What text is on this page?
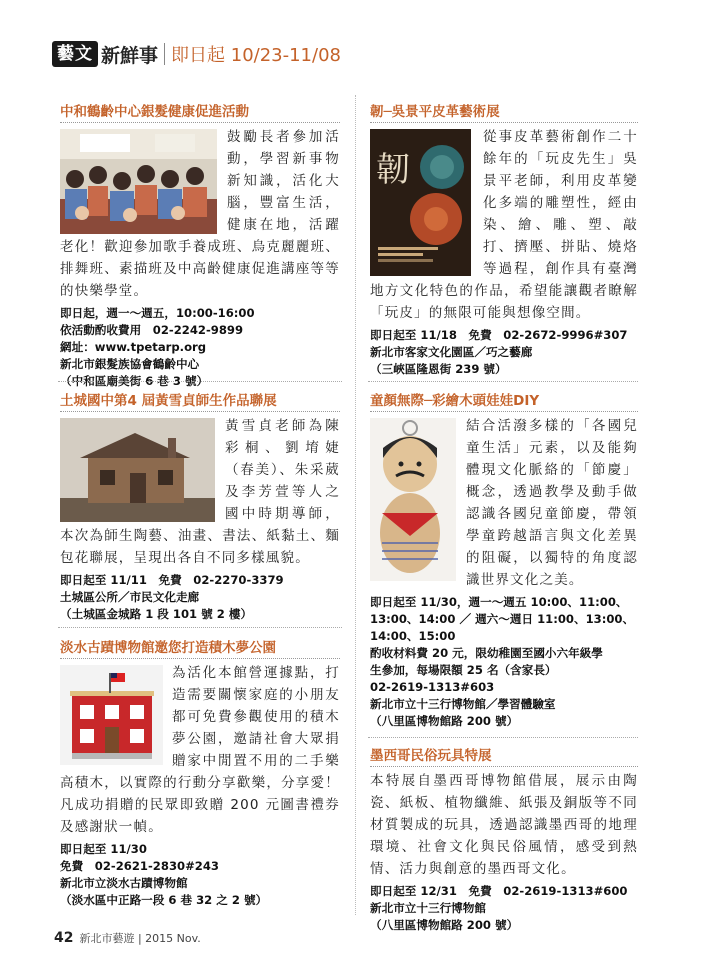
藝文 新鮮事 即日起 10/23-11/08
中和鶴齡中心銀髮健康促進活動
鼓勵長者參加活動，學習新事物新知識，活化大腦，豐富生活，健康在地，活躍老化！歡迎參加歌手養成班、烏克麗麗班、排舞班、素描班及中高齡健康促進講座等等的快樂學堂。
即日起，週一～週五，10:00-16:00
依活動酌收費用　02-2242-9899
網址：www.tpetarp.org
新北市銀髮族協會鶴齡中心
（中和區廟美街 6 巷 3 號）
土城國中第4 屆黃雪貞師生作品聯展
黃雪貞老師為陳彩桐、劉堉婕（春美）、朱采葳及李芳萱等人之國中時期導師，本次為師生陶藝、油畫、書法、紙黏土、麵包花聯展，呈現出各自不同多樣風貌。
即日起至 11/11　免費　02-2270-3379
土城區公所／市民文化走廊
（土城區金城路 1 段 101 號 2 樓）
淡水古蹟博物館邀您打造積木夢公園
為活化本館營運據點，打造需要關懷家庭的小朋友都可免費參觀使用的積木夢公園，邀請社會大眾捐贈家中閒置不用的二手樂高積木，以實際的行動分享歡樂，分享愛！凡成功捐贈的民眾即致贈 200 元圖書禮券及感謝狀一幀。
即日起至 11/30
免費　02-2621-2830#243
新北市立淡水古蹟博物館
（淡水區中正路一段 6 巷 32 之 2 號）
韌─吳景平皮革藝術展
韌
從事皮革藝術創作二十餘年的「玩皮先生」吳景平老師，利用皮革變化多端的雕塑性，經由染、繪、雕、塑、敲打、擠壓、拼貼、燒烙等過程，創作具有臺灣地方文化特色的作品，希望能讓觀者瞭解「玩皮」的無限可能與想像空間。
即日起至 11/18　免費　02-2672-9996#307
新北市客家文化園區／巧之藝廊
（三峽區隆恩街 239 號）
童顏無際─彩繪木頭娃娃DIY
結合活潑多樣的「各國兒童生活」元素，以及能夠體現文化脈絡的「節慶」概念，透過教學及動手做認識各國兒童節慶，帶領學童跨越語言與文化差異的阻礙，以獨特的角度認識世界文化之美。
即日起至 11/30，週一～週五 10:00、11:00、
13:00、14:00 ／ 週六～週日 11:00、13:00、
14:00、15:00
酌收材料費 20 元，限幼稚園至國小六年級學
生參加，每場限額 25 名（含家長）
02-2619-1313#603
新北市立十三行博物館／學習體驗室
（八里區博物館路 200 號）
墨西哥民俗玩具特展
本特展自墨西哥博物館借展，展示由陶瓷、紙板、植物纖維、紙張及銅版等不同材質製成的玩具，透過認識墨西哥的地理環境、社會文化與民俗風情，感受到熱情、活力與創意的墨西哥文化。
即日起至 12/31　免費　02-2619-1313#600
新北市立十三行博物館
（八里區博物館路 200 號）
42 新北市藝遊 | 2015 Nov.
